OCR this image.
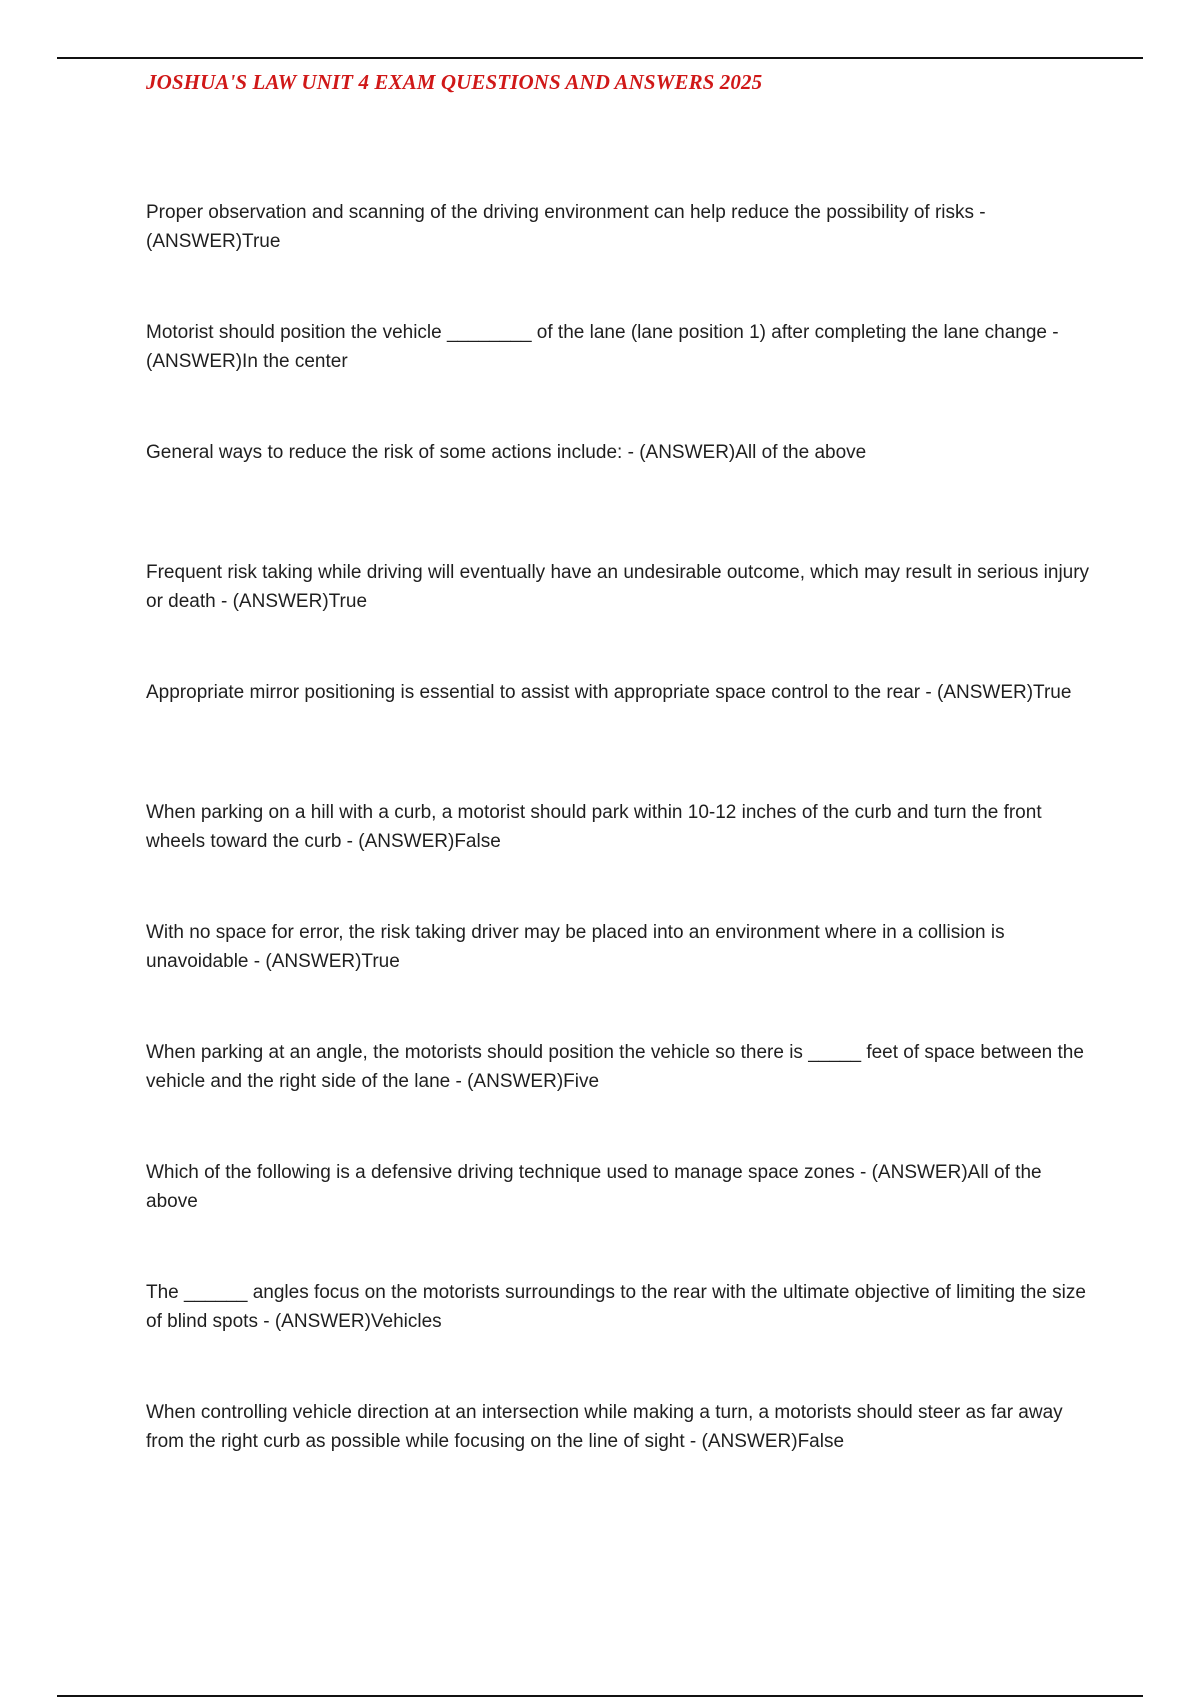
JOSHUA'S LAW UNIT 4 EXAM QUESTIONS AND ANSWERS 2025
Proper observation and scanning of the driving environment can help reduce the possibility of risks - (ANSWER)True
Motorist should position the vehicle ________ of the lane (lane position 1) after completing the lane change - (ANSWER)In the center
General ways to reduce the risk of some actions include: - (ANSWER)All of the above
Frequent risk taking while driving will eventually have an undesirable outcome, which may result in serious injury or death - (ANSWER)True
Appropriate mirror positioning is essential to assist with appropriate space control to the rear - (ANSWER)True
When parking on a hill with a curb, a motorist should park within 10-12 inches of the curb and turn the front wheels toward the curb - (ANSWER)False
With no space for error, the risk taking driver may be placed into an environment where in a collision is unavoidable - (ANSWER)True
When parking at an angle, the motorists should position the vehicle so there is _____ feet of space between the vehicle and the right side of the lane - (ANSWER)Five
Which of the following is a defensive driving technique used to manage space zones - (ANSWER)All of the above
The ______ angles focus on the motorists surroundings to the rear with the ultimate objective of limiting the size of blind spots - (ANSWER)Vehicles
When controlling vehicle direction at an intersection while making a turn, a motorists should steer as far away from the right curb as possible while focusing on the line of sight - (ANSWER)False
